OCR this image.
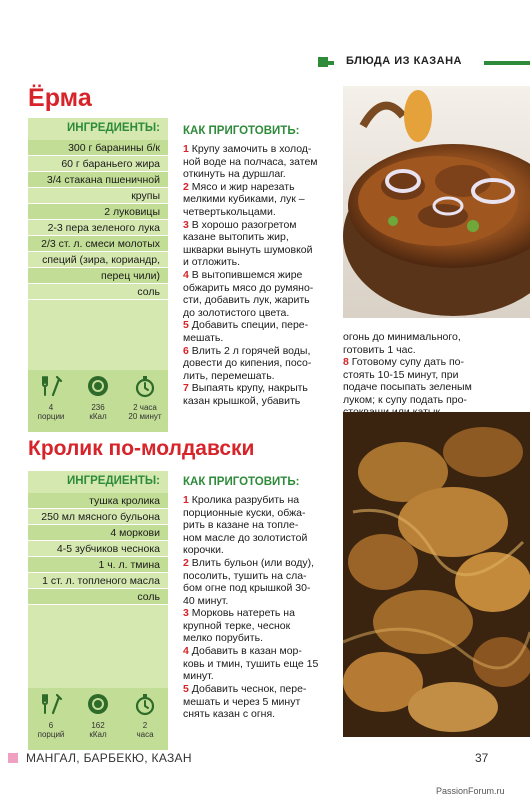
БЛЮДА ИЗ КАЗАНА
Ёрма
ИНГРЕДИЕНТЫ:
300 г баранины б/к
60 г бараньего жира
3/4 стакана пшеничной
крупы
2 луковицы
2-3 пера зеленого лука
2/3 ст. л. смеси молотых
специй (зира, кориандр,
перец чили)
соль
4
порции
236
кКал
2 часа
20 минут
КАК ПРИГОТОВИТЬ:
1 Крупу замочить в холод-
ной воде на полчаса, затем
откинуть на дуршлаг.
2 Мясо и жир нарезать
мелкими кубиками, лук –
четвертькольцами.
3 В хорошо разогретом
казане вытопить жир,
шкварки вынуть шумовкой
и отложить.
4 В вытопившемся жире
обжарить мясо до румяно-
сти, добавить лук, жарить
до золотистого цвета.
5 Добавить специи, пере-
мешать.
6 Влить 2 л горячей воды,
довести до кипения, посо-
лить, перемешать.
7 Выпаять крупу, накрыть
казан крышкой, убавить
огонь до минимального,
готовить 1 час.
8 Готовому супу дать по-
стоять 10-15 минут, при
подаче посыпать зеленым
луком; к супу подать про-
Кролик по-молдавски
ИНГРЕДИЕНТЫ:
тушка кролика
250 мл мясного бульона
4 моркови
4-5 зубчиков чеснока
1 ч. л. тмина
1 ст. л. топленого масла
соль
6
порций
162
кКал
2
часа
КАК ПРИГОТОВИТЬ:
1 Кролика разрубить на
порционные куски, обжа-
рить в казане на топле-
ном масле до золотистой
корочки.
2 Влить бульон (или воду),
посолить, тушить на сла-
бом огне под крышкой 30-
40 минут.
3 Морковь натереть на
крупной терке, чеснок
мелко порубить.
4 Добавить в казан мор-
ковь и тмин, тушить еще 15
минут.
5 Добавить чеснок, пере-
мешать и через 5 минут
снять казан с огня.
МАНГАЛ, БАРБЕКЮ, КАЗАН	37
PassionForum.ru
